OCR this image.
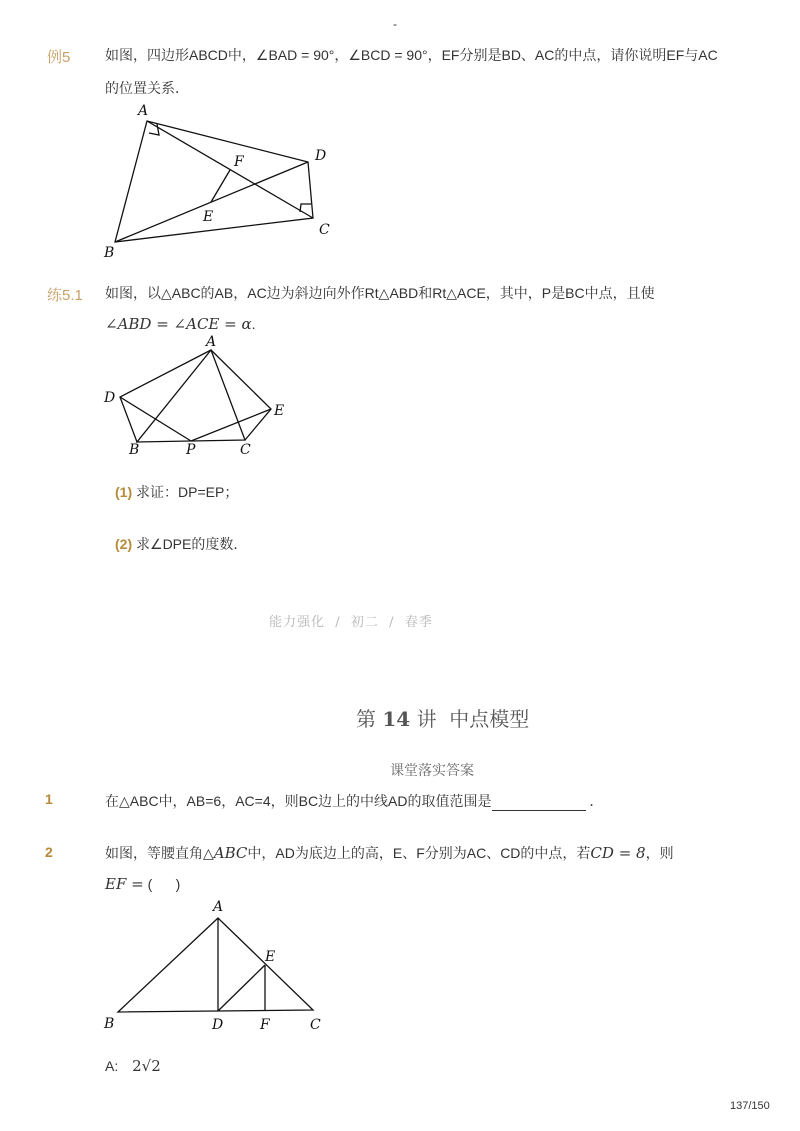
-
例5 如图，四边形ABCD中，∠BAD = 90°，∠BCD = 90°，EF分别是BD、AC的中点，请你说明EF与AC
的位置关系．
A
B
C
D
E
F
练5.1 如图，以△ABC的AB，AC边为斜边向外作Rt△ABD和Rt△ACE，其中，P是BC中点，且使
∠ABD = ∠ACE = α.
A
D
E
B	P	C
(1) 求证：DP=EP；
(2) 求∠DPE的度数．
能力强化  /  初二  /  春季
第 14 讲  中点模型
课堂落实答案
1	在△ABC中，AB=6，AC=4，则BC边上的中线AD的取值范围是	．
2	如图，等腰直角△ABC中，AD为底边上的高，E、F分别为AC、CD的中点，若CD = 8，则
EF = (      )
A
B	D	F	C
E
A: 2√2
137/150
